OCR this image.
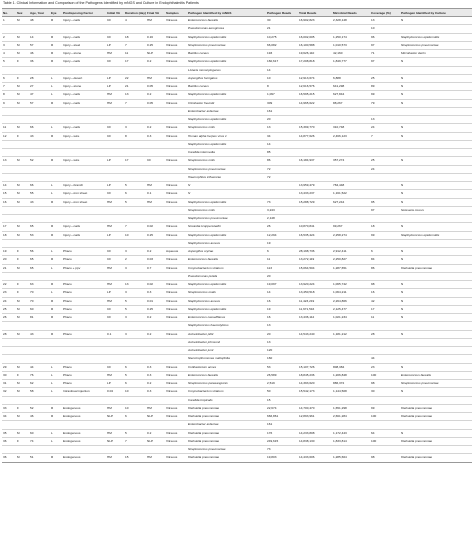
Table 1. Clinical Information and Comparison of the Pathogens Identified by mNGS and Culture in Endophthalmitis Patients
No.	Sex	Age, Year	Eye	Predisposing Factor	Initial VA	Duration (day)	Final VA	Samples	Pathogen Identified by mNGS	Pathogen Reads	Total Reads	Microbial Reads	Coverage (%)	Pathogen Identified by Culture
1	M	48	R	Injury—nails	CF	4	HM	Vitreous	Enterococcus faecalis	30	16,902,823	2,328,148	13	N
									Pseudomonas aeruginosa	21			10	
2	M	14	R	Injury—nails	CF	18	0.16	Vitreous	Staphylococcus epidermidis	10,275	16,002,005	1,250,174	96	Staphylococcus epidermidis
3	M	57	R	Injury—steel	LP	7	0.25	Vitreous	Streptococcus pneumoniae	66,082	16,100,588	1,010,573	97	Streptococcus pneumoniae
4	M	46	R	Injury—stone	HM	11	NLP	Vitreous	Bacillus cereus	193	19,626,110	42,160	71	Microbacter deriin
5	F	36	R	Injury—nails	CF	17	0.2	Vitreous	Staphylococcus epidermidis	160,617	17,208,818	1,849,777	97	N
									Listeria monocytogenes	14				
6	F	28	L	Injury—desert	LP	22	HM	Vitreous	Aspergillus fumigatus	10	12,913,674	6,888	25	N
7	M	27	L	Injury—stone	LP	21	0.05	Vitreous	Bacillus cereus	8	12,616,576	641,298	89	N
8	M	47	L	Injury—nails	HM	13	0.2	Vitreous	Staphylococcus epidermidis	1,097	16,595,215	627,844	99	N
9	M	57	R	Injury—nails	HM	7	0.05	Vitreous	Citrobacter freundii	309	14,965,622	88,267	79	N
									Enterobacter asburiae	161				
									Staphylococcus epidermidis	20			13	
11	M	66	L	Injury—nails	CF	3	0.2	Vitreous	Streptococcus mitis	13	15,399,770	310,748	24	N
12	F	43	R	Injury—wire	CF	8	0.3	Vitreous	Human alpha herpes virus 1	34	14,877,626	2,466,123	7	N
									Staphylococcus epidermidis	14				
									Candida intermedia	85				
13	M	52	R	Injury—wire	LP	17	CF	Vitreous	Streptococcus mitis	86	16,184,937	357,274	25	N
									Streptococcus pneumoniae	72			24	
									Haemophilus influenzae	72				
14	M	66	L	Injury—branch	LP	5	HM	Vitreous	N		13,959,479	784,448		N
15	M	55	L	Injury—iron sheet	CF	6	0.1	Vitreous	N		13,433,237	1,161,522		N
16	M	43	R	Injury—iron sheet	HM	5	HM	Vitreous	Staphylococcus epidermidis	73	15,288,729	627,244	95	N
									Streptococcus mitis	3,243			97	Neisseria mucus
									Staphylococcus pneumoniae	2,148				
17	M	65	R	Injury—nails	HM	7	0.02	Vitreous	Nocardia kroppenstedtii	26	10,870,841	99,267	18	N
18	M	53	R	Injury—nails	LP	10	0.25	Vitreous	Staphylococcus epidermidis	12,294	16,535,424	2,258,274	99	Staphylococcus epidermidis
									Staphylococcus aureus	19				
19	F	56	L	Phaco	CF	3	0.2	Aqueous	Aspergillus oryzae	6	28,198,736	2,912,411	6	N
20	F	65	R	Phaco	CF	2	0.03	Vitreous	Enterococcus faecalis	11	13,272,119	2,250,827	84	N
21	M	65	L	Phaco + ppv	HM	3	0.7	Vitreous	Corynebacterium striatum	113	15,064,504	1,287,651	86	Klebsiella pneumoniae
									Pseudomonas putida	20				
22	F	63	R	Phaco	HM	13	0.02	Vitreous	Staphylococcus epidermidis	19,097	13,920,224	1,065,742	98	N
23	F	70	L	Phaco	LP	3	0.3	Vitreous	Streptococcus oralis	14	13,450,518	1,064,211	16	N
24	M	70	R	Phaco	HM	5	0.01	Vitreous	Staphylococcus aureus	16	11,423,219	2,264,866	42	N
25	M	60	R	Phaco	CF	5	0.25	Vitreous	Staphylococcus epidermidis	19	11,671,516	2,125,477	17	N
26	M	81	R	Phaco	CF	3	0.2	Vitreous	Enterococcus casseliflavus	16	13,436,112	1,021,234	11	N
									Staphylococcus haemolyticus	13				
28	M	43	R	Phaco	0.1	3	0.2	Vitreous	Acinetobacter pittii	20	14,543,240	1,181,212	28	N
									Acinetobacter johnsonii	13				
									Acinetobacter junii	120				
									Stenotrophomonas maltophilia	160			44	
29	M	44	L	Phaco	CF	6	0.3	Vitreous	Cutibacterium acnes	53	15,107,726	808,384	23	N
30	F	76	L	Phaco	HM	5	0.3	Vitreous	Enterococcus faecalis	26,589	18,845,236	1,206,848	100	Enterococcus faecalis
31	M	62	L	Phaco	LP	6	0.2	Vitreous	Streptococcus parasanguinis	2,519	14,393,620	886,372	98	Streptococcus pneumoniae
32	M	58	L	Intravitreal injection	0.04	10	0.3	Vitreous	Corynebacterium striatum	50	15,542,173	1,144,508	30	N
									Candida tropicalis	15				
33	F	52	R	Endogenous	HM	10	HM	Vitreous	Klebsiella pneumoniae	22,674	14,700,470	1,651,298	99	Klebsiella pneumoniae
34	M	46	R	Endogenous	NLP	6	NLP	Vitreous	Klebsiella pneumoniae	666,861	12,893,961	2,661,284	100	Klebsiella pneumoniae
									Enterobacter asburiae	161				
35	M	60	L	Endogenous	HM	5	0.2	Vitreous	Klebsiella pneumoniae	176	14,233,808	1,172,443	64	N
36	F	74	L	Endogenous	NLP	7	NLP	Vitreous	Klebsiella pneumoniae	249,615	14,838,130	1,833,814	100	Klebsiella pneumoniae
									Streptococcus pneumoniae	73				
36	M	51	R	Endogenous	HM	15	HM	Vitreous	Klebsiella pneumoniae	19,803	14,433,606	1,285,664	98	Klebsiella pneumoniae
